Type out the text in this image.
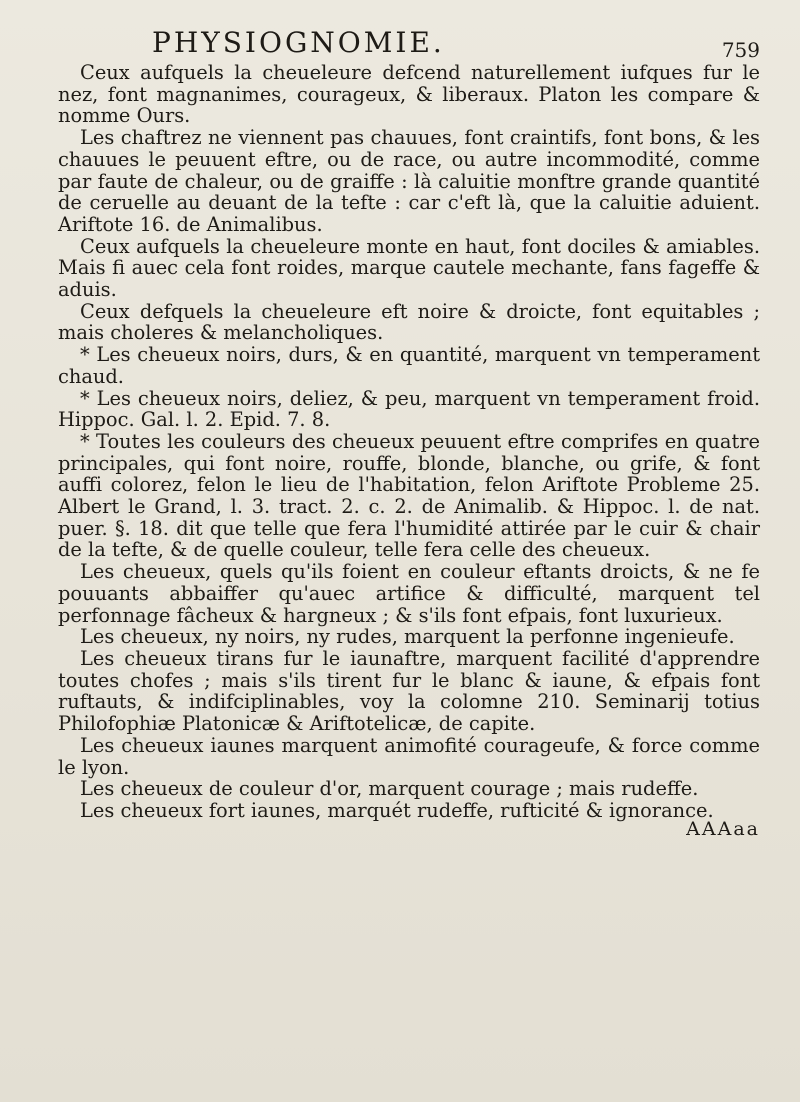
PHYSIOGNOMIE.	759

Ceux aufquels la cheueleure defcend naturellement iufques fur le nez, font magnanimes, courageux, & liberaux. Platon les compare & nomme Ours.

Les chaftrez ne viennent pas chauues, font craintifs, font bons, & les chauues le peuuent eftre, ou de race, ou autre incommodité, comme par faute de chaleur, ou de graiffe : là caluitie monftre grande quantité de ceruelle au deuant de la tefte : car c'eft là, que la caluitie aduient. Ariftote 16. de Animalibus.

Ceux aufquels la cheueleure monte en haut, font dociles & amiables. Mais fi auec cela font roides, marque cautele mechante, fans fageffe & aduis.

Ceux defquels la cheueleure eft noire & droicte, font equitables ; mais choleres & melancholiques.

* Les cheueux noirs, durs, & en quantité, marquent vn temperament chaud.

* Les cheueux noirs, deliez, & peu, marquent vn temperament froid. Hippoc. Gal. l. 2. Epid. 7. 8.

* Toutes les couleurs des cheueux peuuent eftre comprifes en quatre principales, qui font noire, rouffe, blonde, blanche, ou grife, & font auffi colorez, felon le lieu de l'habitation, felon Ariftote Probleme 25. Albert le Grand, l. 3. tract. 2. c. 2. de Animalib. & Hippoc. l. de nat. puer. §. 18. dit que telle que fera l'humidité attirée par le cuir & chair de la tefte, & de quelle couleur, telle fera celle des cheueux.

Les cheueux, quels qu'ils foient en couleur eftants droicts, & ne fe pouuants abbaiffer qu'auec artifice & difficulté, marquent tel perfonnage fâcheux & hargneux ; & s'ils font efpais, font luxurieux.

Les cheueux, ny noirs, ny rudes, marquent la perfonne ingenieufe.

Les cheueux tirans fur le iaunaftre, marquent facilité d'apprendre toutes chofes ; mais s'ils tirent fur le blanc & iaune, & efpais font ruftauts, & indifciplinables, voy la colomne 210. Seminarij totius Philofophiæ Platonicæ & Ariftotelicæ, de capite.

Les cheueux iaunes marquent animofité courageufe, & force comme le lyon.

Les cheueux de couleur d'or, marquent courage ; mais rudeffe.

Les cheueux fort iaunes, marquét rudeffe, rufticité & ignorance.

AAAaa
